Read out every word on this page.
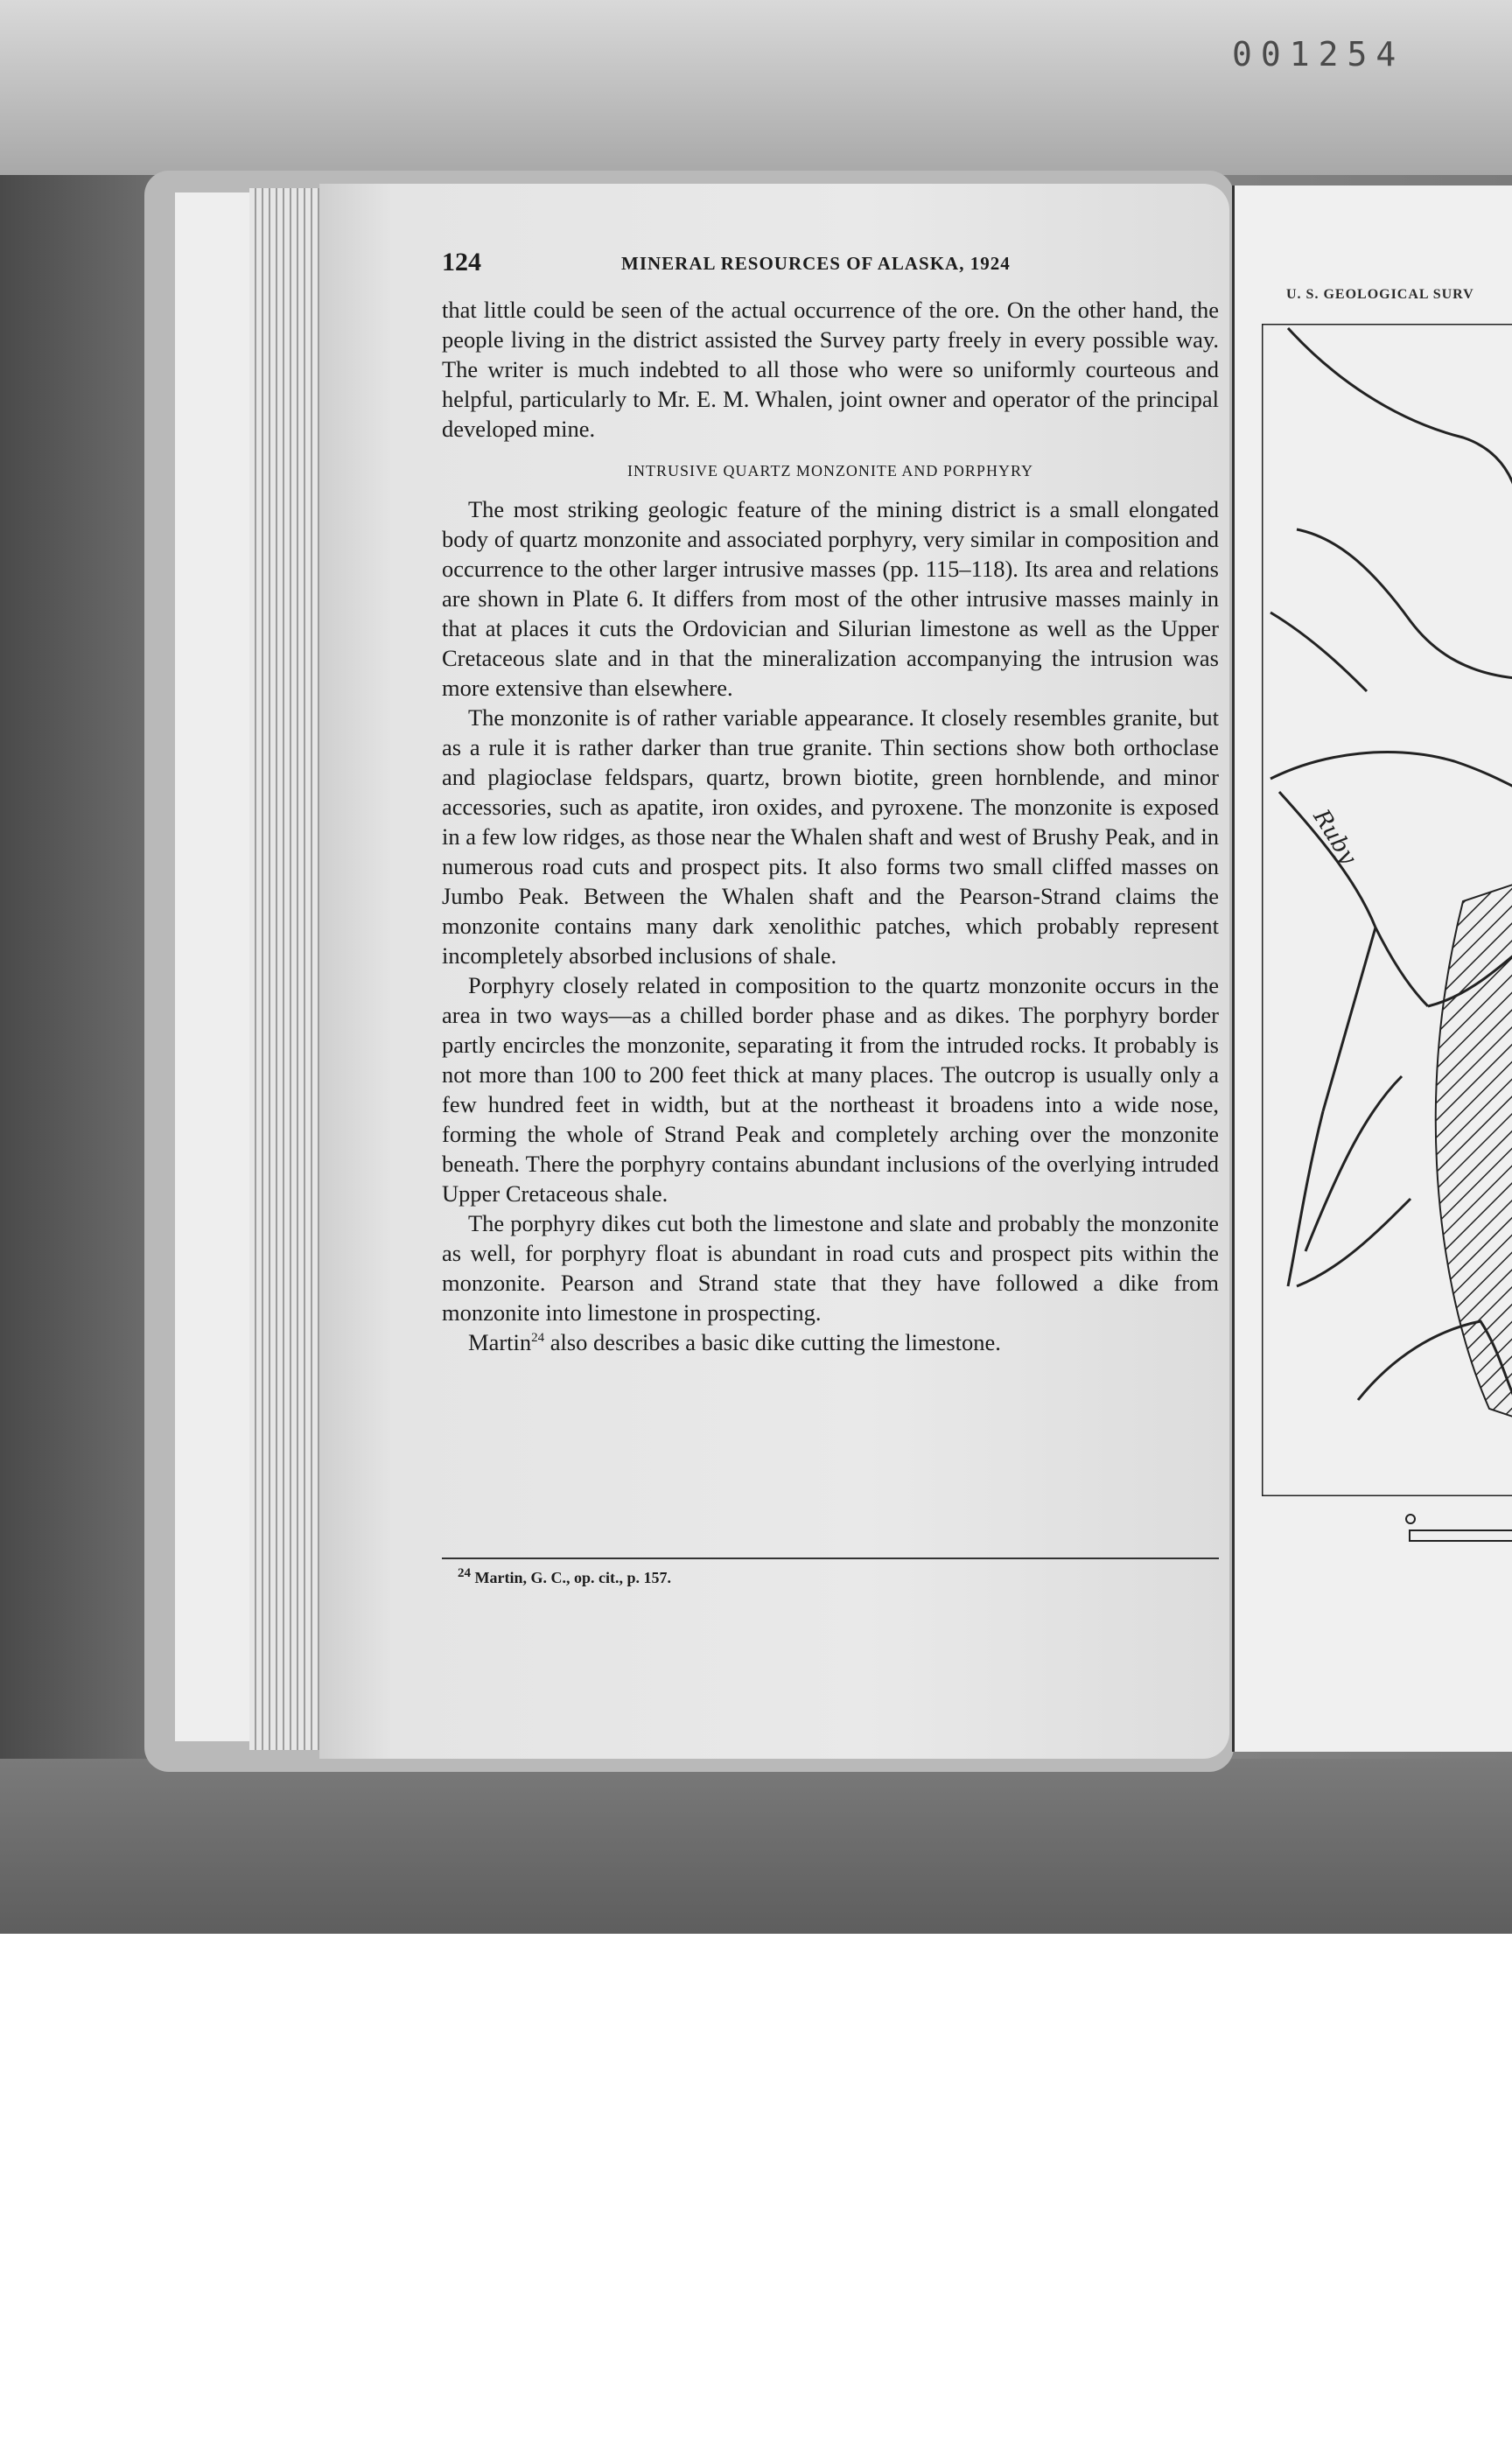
001254
U. S. GEOLOGICAL SURV
Ruby
124	MINERAL RESOURCES OF ALASKA, 1924

that little could be seen of the actual occurrence of the ore. On the other hand, the people living in the district assisted the Survey party freely in every possible way. The writer is much indebted to all those who were so uniformly courteous and helpful, particularly to Mr. E. M. Whalen, joint owner and operator of the principal developed mine.

INTRUSIVE QUARTZ MONZONITE AND PORPHYRY

The most striking geologic feature of the mining district is a small elongated body of quartz monzonite and associated porphyry, very similar in composition and occurrence to the other larger intrusive masses (pp. 115–118). Its area and relations are shown in Plate 6. It differs from most of the other intrusive masses mainly in that at places it cuts the Ordovician and Silurian limestone as well as the Upper Cretaceous slate and in that the mineralization accompanying the intrusion was more extensive than elsewhere.

The monzonite is of rather variable appearance. It closely resembles granite, but as a rule it is rather darker than true granite. Thin sections show both orthoclase and plagioclase feldspars, quartz, brown biotite, green hornblende, and minor accessories, such as apatite, iron oxides, and pyroxene. The monzonite is exposed in a few low ridges, as those near the Whalen shaft and west of Brushy Peak, and in numerous road cuts and prospect pits. It also forms two small cliffed masses on Jumbo Peak. Between the Whalen shaft and the Pearson-Strand claims the monzonite contains many dark xenolithic patches, which probably represent incompletely absorbed inclusions of shale.

Porphyry closely related in composition to the quartz monzonite occurs in the area in two ways—as a chilled border phase and as dikes. The porphyry border partly encircles the monzonite, separating it from the intruded rocks. It probably is not more than 100 to 200 feet thick at many places. The outcrop is usually only a few hundred feet in width, but at the northeast it broadens into a wide nose, forming the whole of Strand Peak and completely arching over the monzonite beneath. There the porphyry contains abundant inclusions of the overlying intruded Upper Cretaceous shale.

The porphyry dikes cut both the limestone and slate and probably the monzonite as well, for porphyry float is abundant in road cuts and prospect pits within the monzonite. Pearson and Strand state that they have followed a dike from monzonite into limestone in prospecting.

Martin$^{24}$ also describes a basic dike cutting the limestone.

$^{24}$ Martin, G. C., op. cit., p. 157.
